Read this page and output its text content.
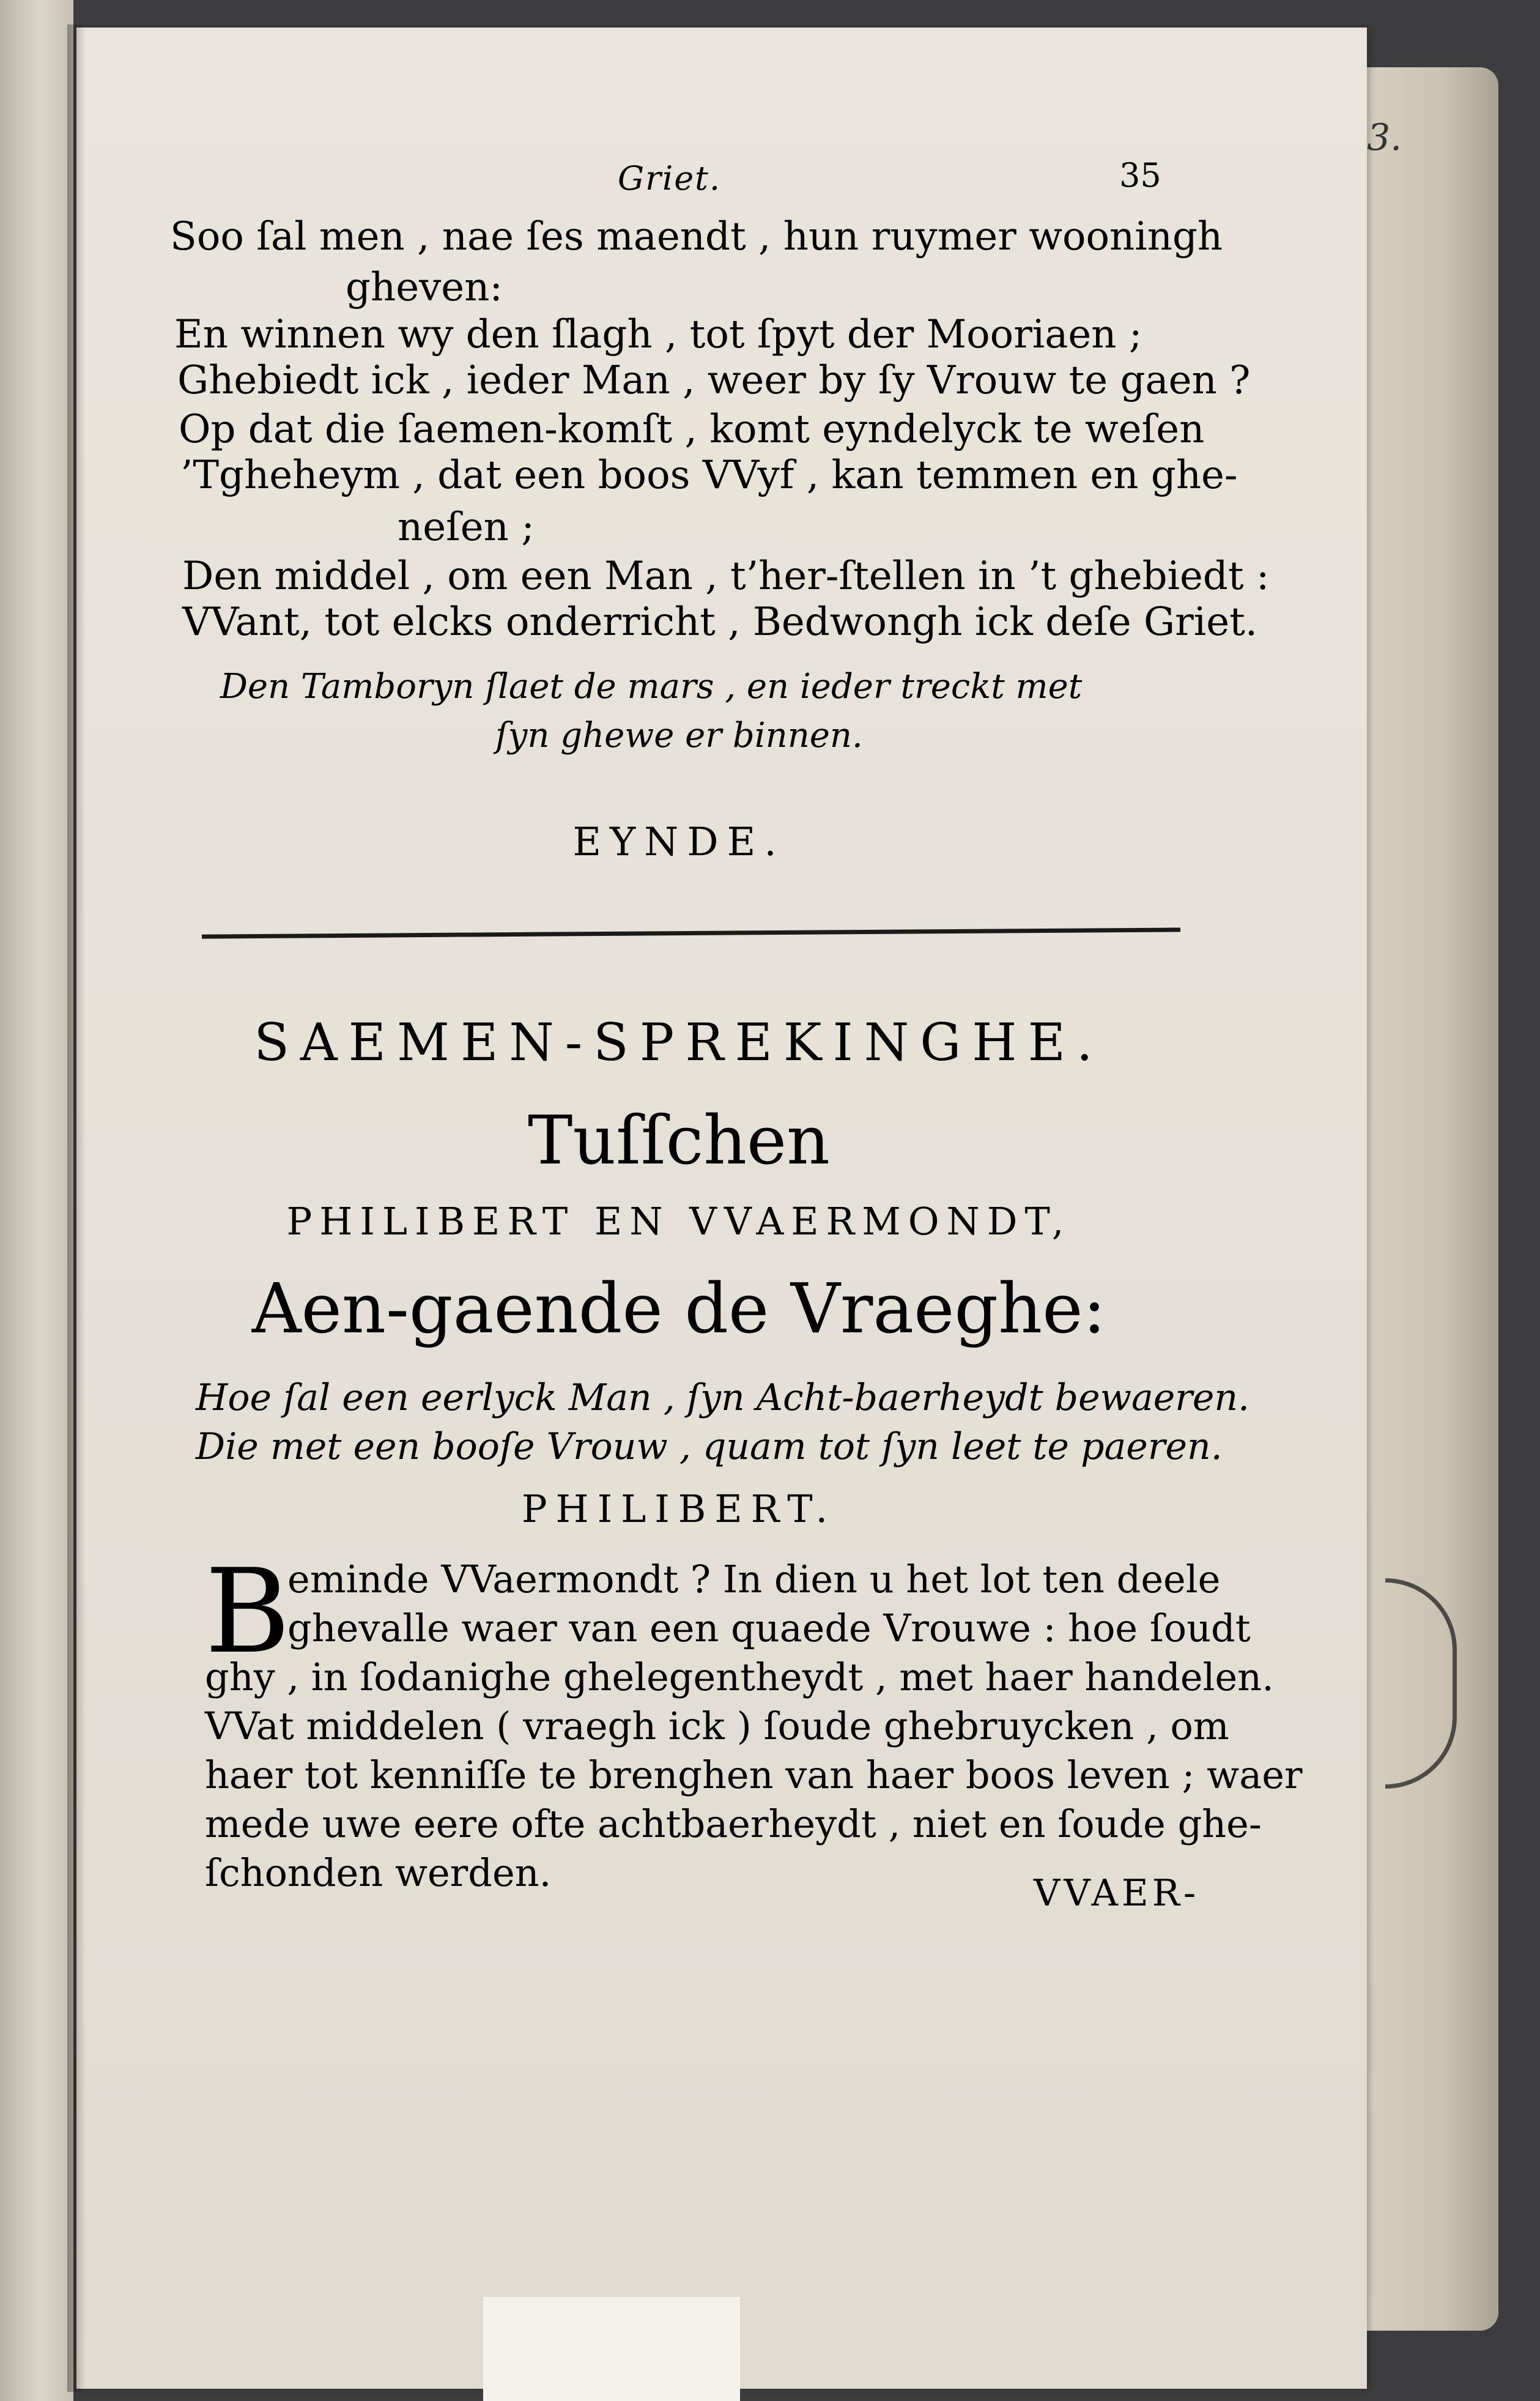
3.
Griet.	35
Soo ſal men , nae ſes maendt , hun ruymer wooningh
gheven:
En winnen wy den ſlagh , tot ſpyt der Mooriaen ;
Ghebiedt ick , ieder Man , weer by ſy Vrouw te gaen ?
Op dat die ſaemen-komſt , komt eyndelyck te weſen
’Tgheheym , dat een boos VVyf , kan temmen en ghe-
neſen ;
Den middel , om een Man , t’her-ſtellen in ’t ghebiedt :
VVant, tot elcks onderricht , Bedwongh ick deſe Griet.
Den Tamboryn ſlaet de mars , en ieder treckt met
ſyn ghewe er binnen.
EYNDE.
SAEMEN-SPREKINGHE.
Tuſſchen
PHILIBERT EN VVAERMONDT,
Aen-gaende de Vraeghe:
Hoe ſal een eerlyck Man , ſyn Acht-baerheydt bewaeren.
Die met een booſe Vrouw , quam tot ſyn leet te paeren.
PHILIBERT.
B
eminde VVaermondt ? In dien u het lot ten deele
ghevalle waer van een quaede Vrouwe : hoe ſoudt
ghy , in ſodanighe ghelegentheydt , met haer handelen.
VVat middelen ( vraegh ick ) ſoude ghebruycken , om
haer tot kenniſſe te brenghen van haer boos leven ; waer
mede uwe eere ofte achtbaerheydt , niet en ſoude ghe-
ſchonden werden.	VVAER-
